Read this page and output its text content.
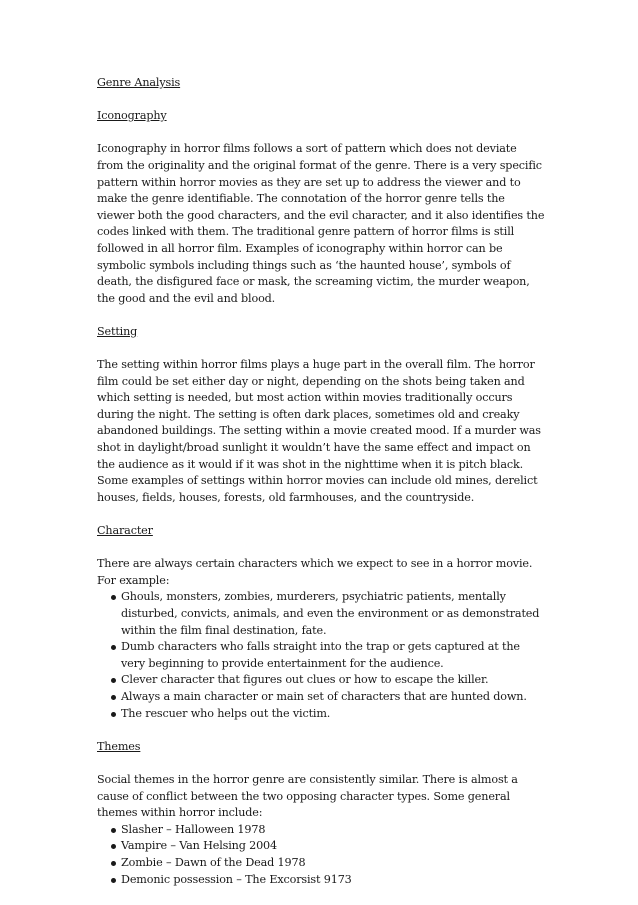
Genre Analysis
Iconography

Iconography in horror films follows a sort of pattern which does not deviate from the originality and the original format of the genre. There is a very specific pattern within horror movies as they are set up to address the viewer and to make the genre identifiable. The connotation of the horror genre tells the viewer both the good characters, and the evil character, and it also identifies the codes linked with them. The traditional genre pattern of horror films is still followed in all horror film. Examples of iconography within horror can be symbolic symbols including things such as ‘the haunted house’, symbols of death, the disfigured face or mask, the screaming victim, the murder weapon, the good and the evil and blood.

Setting

The setting within horror films plays a huge part in the overall film. The horror film could be set either day or night, depending on the shots being taken and which setting is needed, but most action within movies traditionally occurs during the night. The setting is often dark places, sometimes old and creaky abandoned buildings. The setting within a movie created mood. If a murder was shot in daylight/broad sunlight it wouldn’t have the same effect and impact on the audience as it would if it was shot in the nighttime when it is pitch black. Some examples of settings within horror movies can include old mines, derelict houses, fields, houses, forests, old farmhouses, and the countryside.

Character

There are always certain characters which we expect to see in a horror movie. For example:

Ghouls, monsters, zombies, murderers, psychiatric patients, mentally disturbed, convicts, animals, and even the environment or as demonstrated within the film final destination, fate.
Dumb characters who falls straight into the trap or gets captured at the very beginning to provide entertainment for the audience.
Clever character that figures out clues or how to escape the killer.
Always a main character or main set of characters that are hunted down.
The rescuer who helps out the victim.
Themes

Social themes in the horror genre are consistently similar. There is almost a cause of conflict between the two opposing character types. Some general themes within horror include:

Slasher – Halloween 1978
Vampire – Van Helsing 2004
Zombie – Dawn of the Dead 1978
Demonic possession – The Excorsist 9173
